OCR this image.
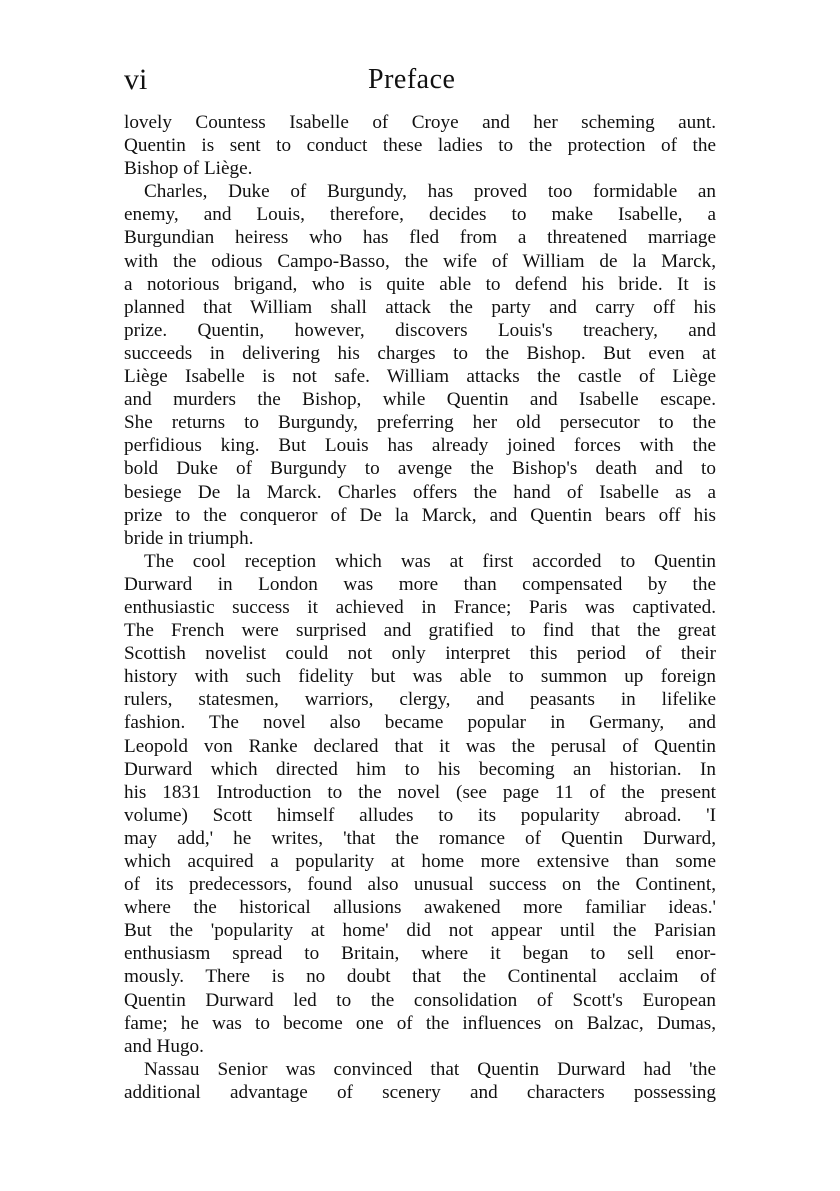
vi	Preface
lovely Countess Isabelle of Croye and her scheming aunt.
Quentin is sent to conduct these ladies to the protection of the
Bishop of Liège.
Charles, Duke of Burgundy, has proved too formidable an
enemy, and Louis, therefore, decides to make Isabelle, a
Burgundian heiress who has fled from a threatened marriage
with the odious Campo-Basso, the wife of William de la Marck,
a notorious brigand, who is quite able to defend his bride. It is
planned that William shall attack the party and carry off his
prize. Quentin, however, discovers Louis's treachery, and
succeeds in delivering his charges to the Bishop. But even at
Liège Isabelle is not safe. William attacks the castle of Liège
and murders the Bishop, while Quentin and Isabelle escape.
She returns to Burgundy, preferring her old persecutor to the
perfidious king. But Louis has already joined forces with the
bold Duke of Burgundy to avenge the Bishop's death and to
besiege De la Marck. Charles offers the hand of Isabelle as a
prize to the conqueror of De la Marck, and Quentin bears off his
bride in triumph.
The cool reception which was at first accorded to Quentin
Durward in London was more than compensated by the
enthusiastic success it achieved in France; Paris was captivated.
The French were surprised and gratified to find that the great
Scottish novelist could not only interpret this period of their
history with such fidelity but was able to summon up foreign
rulers, statesmen, warriors, clergy, and peasants in lifelike
fashion. The novel also became popular in Germany, and
Leopold von Ranke declared that it was the perusal of Quentin
Durward which directed him to his becoming an historian. In
his 1831 Introduction to the novel (see page 11 of the present
volume) Scott himself alludes to its popularity abroad. 'I
may add,' he writes, 'that the romance of Quentin Durward,
which acquired a popularity at home more extensive than some
of its predecessors, found also unusual success on the Continent,
where the historical allusions awakened more familiar ideas.'
But the 'popularity at home' did not appear until the Parisian
enthusiasm spread to Britain, where it began to sell enor-
mously. There is no doubt that the Continental acclaim of
Quentin Durward led to the consolidation of Scott's European
fame; he was to become one of the influences on Balzac, Dumas,
and Hugo.
Nassau Senior was convinced that Quentin Durward had 'the
additional advantage of scenery and characters possessing
